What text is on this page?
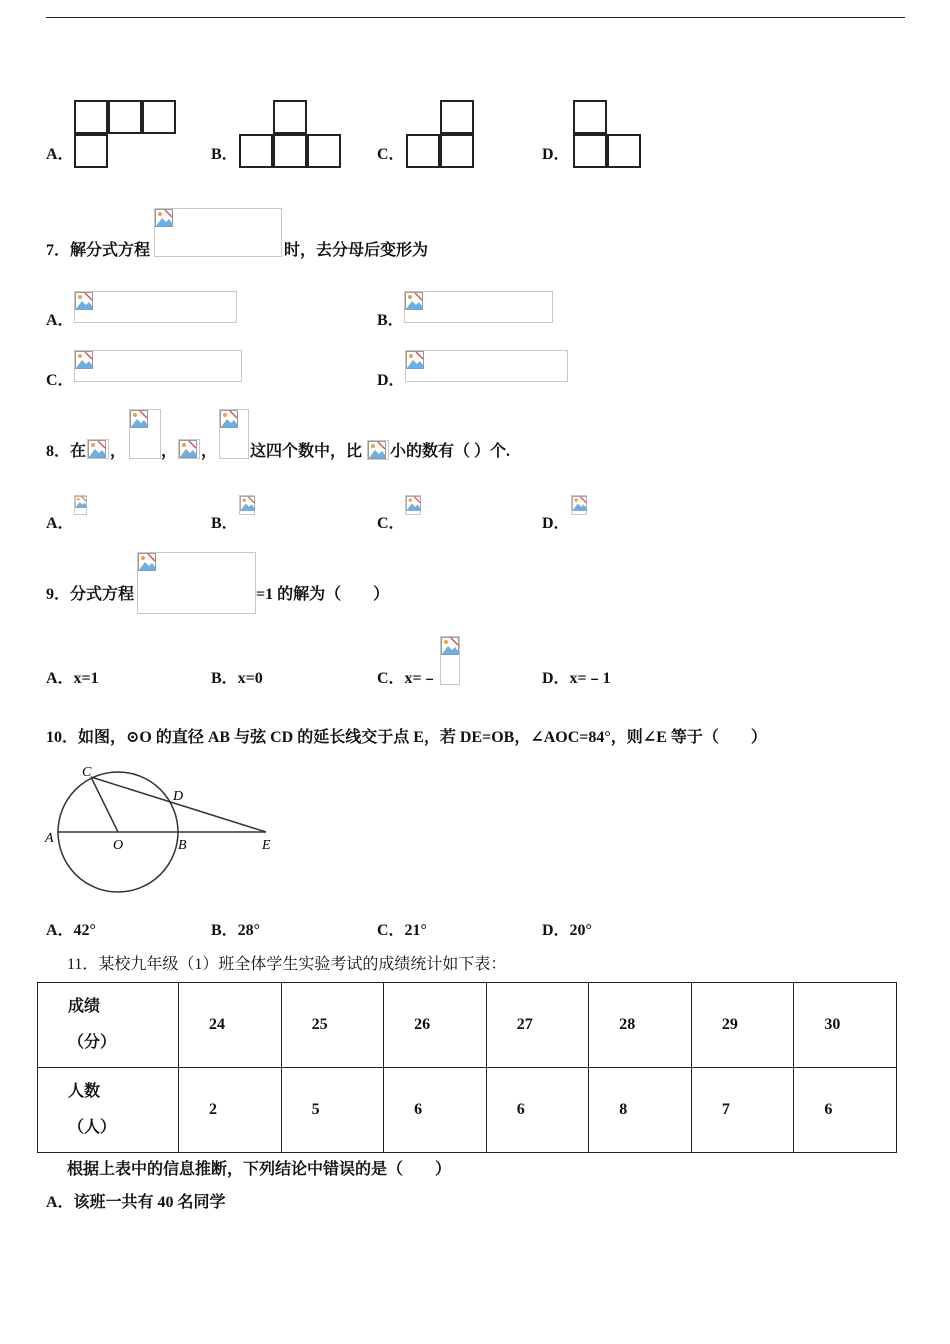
A．	B．	C．	D．
7．解分式方程	时，去分母后变形为
A．	B．
C．	D．
8．在 ， ， ， 这四个数中，比 小的数有（ ）个.
A．	B．	C．	D．
9．分式方程	=1 的解为（　　）
A．x=1	B．x=0	C．x=﹣	D．x=﹣1
10．如图，⊙O 的直径 AB 与弦 CD 的延长线交于点 E，若 DE=OB，∠AOC=84°，则∠E 等于（　　）
C
D
A	O	B	E
A．42°	B．28°	C．21°	D．20°
11．某校九年级（1）班全体学生实验考试的成绩统计如下表：
成绩
（分）	24	25	26	27	28	29	30

人数
（人）	2	5	6	6	8	7	6
根据上表中的信息推断，下列结论中错误的是（　　）
A．该班一共有 40 名同学
